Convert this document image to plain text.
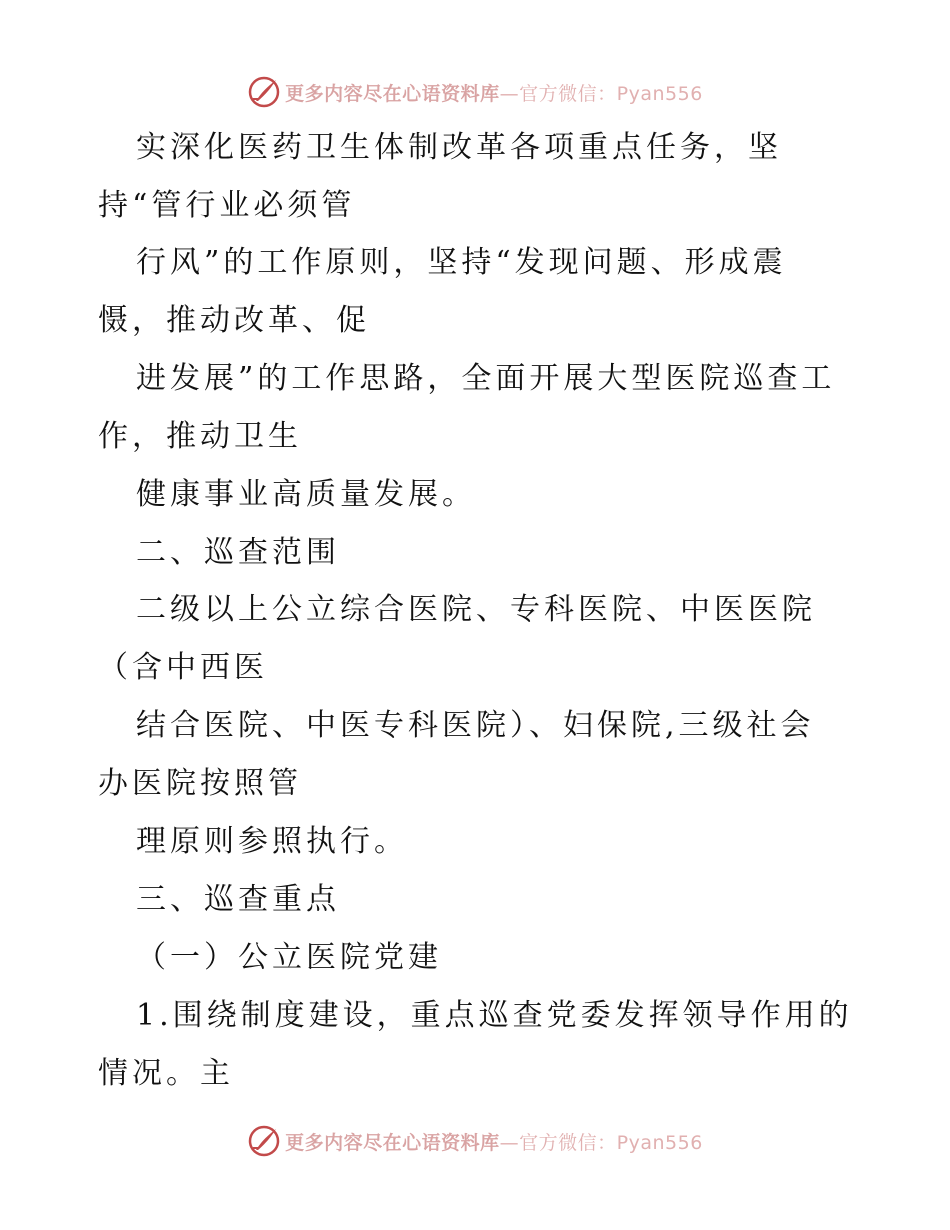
更多内容尽在心语资料库 —官方微信：Pyan556
实深化医药卫生体制改革各项重点任务，坚
持“管行业必须管
行风”的工作原则，坚持“发现问题、形成震
慑，推动改革、促
进发展”的工作思路，全面开展大型医院巡查工
作，推动卫生
健康事业高质量发展。
二、巡查范围
二级以上公立综合医院、专科医院、中医医院
（含中西医
结合医院、中医专科医院）、妇保院,三级社会
办医院按照管
理原则参照执行。
三、巡查重点
（一）公立医院党建
1.围绕制度建设，重点巡查党委发挥领导作用的
情况。主
更多内容尽在心语资料库 —官方微信：Pyan556
